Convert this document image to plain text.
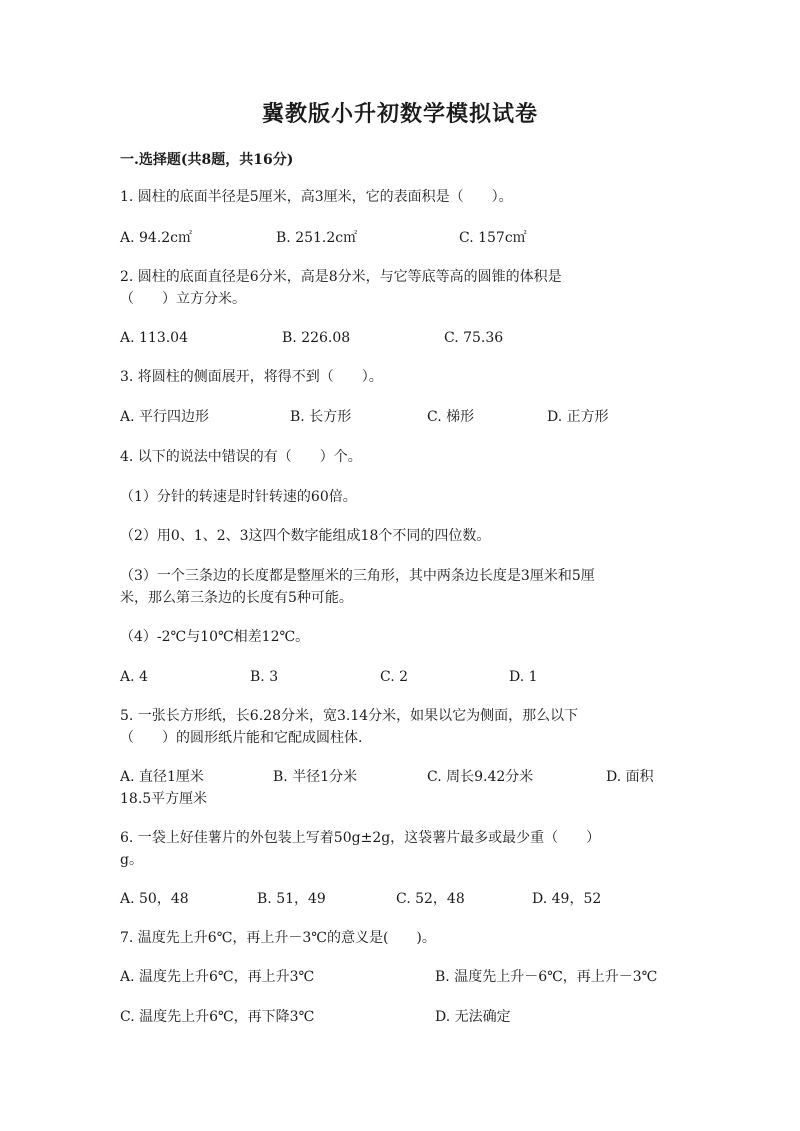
冀教版小升初数学模拟试卷
一.选择题(共8题，共16分)
1. 圆柱的底面半径是5厘米，高3厘米，它的表面积是（　　）。
A. 94.2c㎡	B. 251.2c㎡	C. 157c㎡
2. 圆柱的底面直径是6分米，高是8分米，与它等底等高的圆锥的体积是
（　　）立方分米。
A. 113.04	B. 226.08	C. 75.36
3. 将圆柱的侧面展开，将得不到（　　）。
A. 平行四边形	B. 长方形	C. 梯形	D. 正方形
4. 以下的说法中错误的有（　　）个。
（1）分针的转速是时针转速的60倍。
（2）用0、1、2、3这四个数字能组成18个不同的四位数。
（3）一个三条边的长度都是整厘米的三角形，其中两条边长度是3厘米和5厘
米，那么第三条边的长度有5种可能。
（4）-2℃与10℃相差12℃。
A. 4	B. 3	C. 2	D. 1
5. 一张长方形纸，长6.28分米，宽3.14分米，如果以它为侧面，那么以下
（　　）的圆形纸片能和它配成圆柱体.
A. 直径1厘米	B. 半径1分米	C. 周长9.42分米	D. 面积
18.5平方厘米
6. 一袋上好佳薯片的外包装上写着50g±2g，这袋薯片最多或最少重（　　）
g。
A. 50，48	B. 51，49	C. 52，48	D. 49，52
7. 温度先上升6℃，再上升－3℃的意义是(　　)。
A. 温度先上升6℃，再上升3℃	B. 温度先上升－6℃，再上升－3℃
C. 温度先上升6℃，再下降3℃	D. 无法确定
